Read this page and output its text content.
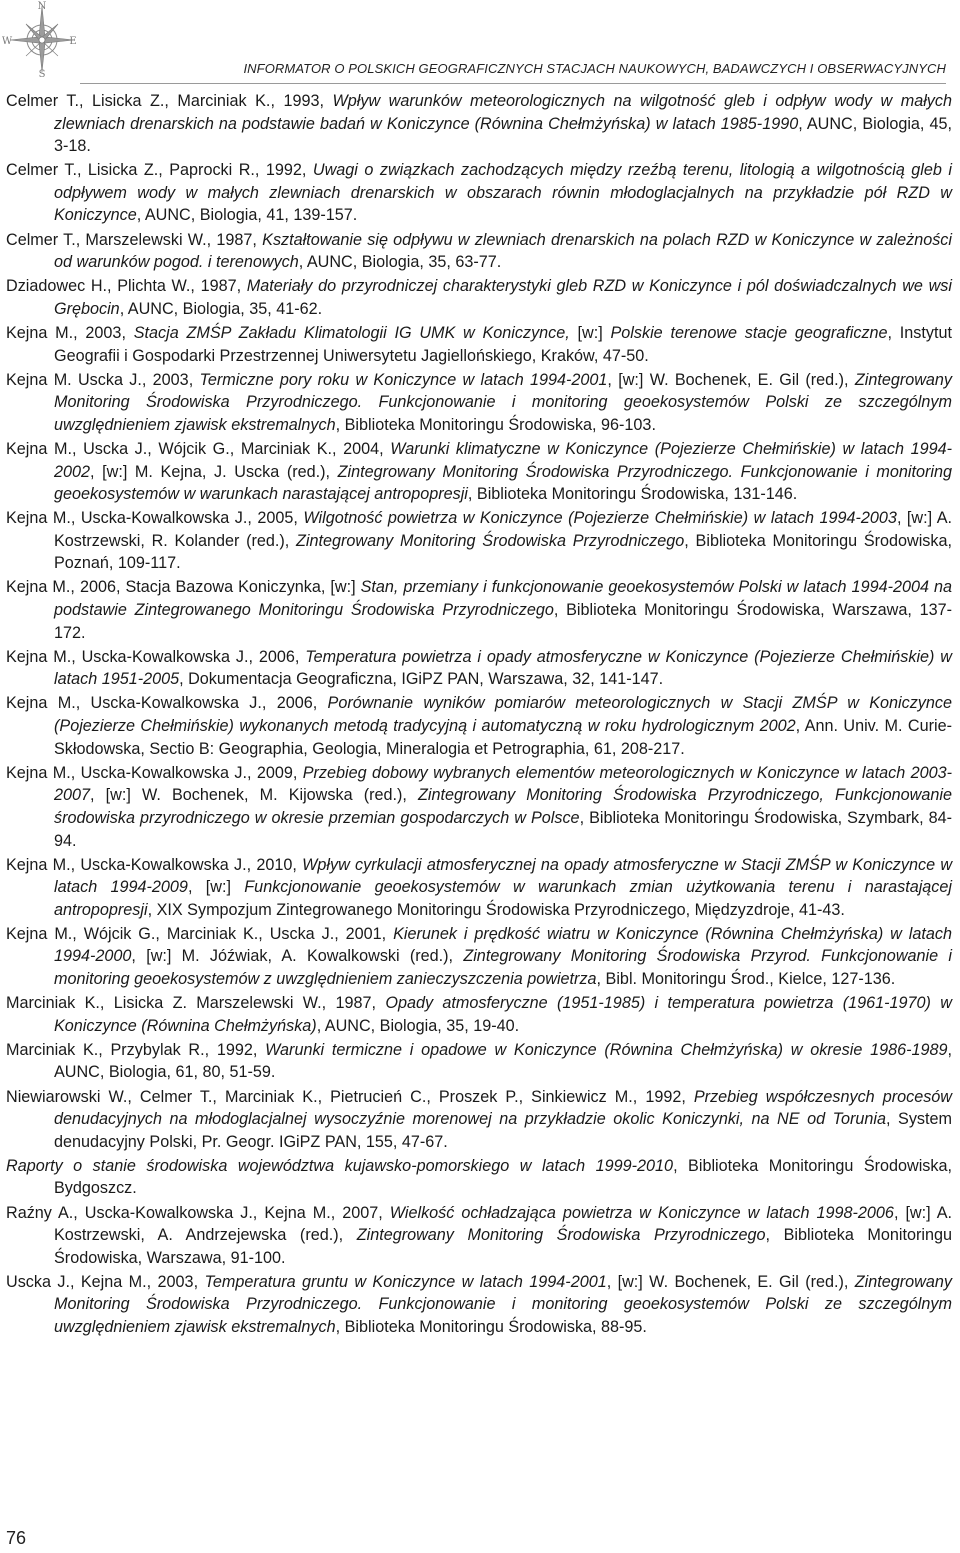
N
W	E
S	INFORMATOR O POLSKICH GEOGRAFICZNYCH STACJACH NAUKOWYCH, BADAWCZYCH I OBSERWACYJNYCH

Celmer T., Lisicka Z., Marciniak K., 1993, Wpływ warunków meteorologicznych na wilgotność gleb i odpływ wody w małych zlewniach drenarskich na podstawie badań w Koniczynce (Równina Chełmżyńska) w latach 1985-1990, AUNC, Biologia, 45, 3-18.

Celmer T., Lisicka Z., Paprocki R., 1992, Uwagi o związkach zachodzących między rzeźbą terenu, litologią a wilgotnością gleb i odpływem wody w małych zlewniach drenarskich w obszarach równin młodoglacjalnych na przykładzie pół RZD w Koniczynce, AUNC, Biologia, 41, 139-157.

Celmer T., Marszelewski W., 1987, Kształtowanie się odpływu w zlewniach drenarskich na polach RZD w Koniczynce w zależności od warunków pogod. i terenowych, AUNC, Biologia, 35, 63-77.

Dziadowec H., Plichta W., 1987, Materiały do przyrodniczej charakterystyki gleb RZD w Koniczynce i pól doświadczalnych we wsi Grębocin, AUNC, Biologia, 35, 41-62.

Kejna M., 2003, Stacja ZMŚP Zakładu Klimatologii IG UMK w Koniczynce, [w:] Polskie terenowe stacje geograficzne, Instytut Geografii i Gospodarki Przestrzennej Uniwersytetu Jagiellońskiego, Kraków, 47-50.

Kejna M. Uscka J., 2003, Termiczne pory roku w Koniczynce w latach 1994-2001, [w:] W. Bochenek, E. Gil (red.), Zintegrowany Monitoring Środowiska Przyrodniczego. Funkcjonowanie i monitoring geoekosystemów Polski ze szczególnym uwzględnieniem zjawisk ekstremalnych, Biblioteka Monitoringu Środowiska, 96-103.

Kejna M., Uscka J., Wójcik G., Marciniak K., 2004, Warunki klimatyczne w Koniczynce (Pojezierze Chełmińskie) w latach 1994-2002, [w:] M. Kejna, J. Uscka (red.), Zintegrowany Monitoring Środowiska Przyrodniczego. Funkcjonowanie i monitoring geoekosystemów w warunkach narastającej antropopresji, Biblioteka Monitoringu Środowiska, 131-146.

Kejna M., Uscka-Kowalkowska J., 2005, Wilgotność powietrza w Koniczynce (Pojezierze Chełmińskie) w latach 1994-2003, [w:] A. Kostrzewski, R. Kolander (red.), Zintegrowany Monitoring Środowiska Przyrodniczego, Biblioteka Monitoringu Środowiska, Poznań, 109-117.

Kejna M., 2006, Stacja Bazowa Koniczynka, [w:] Stan, przemiany i funkcjonowanie geoekosystemów Polski w latach 1994-2004 na podstawie Zintegrowanego Monitoringu Środowiska Przyrodniczego, Biblioteka Monitoringu Środowiska, Warszawa, 137-172.

Kejna M., Uscka-Kowalkowska J., 2006, Temperatura powietrza i opady atmosferyczne w Koniczynce (Pojezierze Chełmińskie) w latach 1951-2005, Dokumentacja Geograficzna, IGiPZ PAN, Warszawa, 32, 141-147.

Kejna M., Uscka-Kowalkowska J., 2006, Porównanie wyników pomiarów meteorologicznych w Stacji ZMŚP w Koniczynce (Pojezierze Chełmińskie) wykonanych metodą tradycyjną i automatyczną w roku hydrologicznym 2002, Ann. Univ. M. Curie-Skłodowska, Sectio B: Geographia, Geologia, Mineralogia et Petrographia, 61, 208-217.

Kejna M., Uscka-Kowalkowska J., 2009, Przebieg dobowy wybranych elementów meteorologicznych w Koniczynce w latach 2003-2007, [w:] W. Bochenek, M. Kijowska (red.), Zintegrowany Monitoring Środowiska Przyrodniczego, Funkcjonowanie środowiska przyrodniczego w okresie przemian gospodarczych w Polsce, Biblioteka Monitoringu Środowiska, Szymbark, 84-94.

Kejna M., Uscka-Kowalkowska J., 2010, Wpływ cyrkulacji atmosferycznej na opady atmosferyczne w Stacji ZMŚP w Koniczynce w latach 1994-2009, [w:] Funkcjonowanie geoekosystemów w warunkach zmian użytkowania terenu i narastającej antropopresji, XIX Sympozjum Zintegrowanego Monitoringu Środowiska Przyrodniczego, Międzyzdroje, 41-43.

Kejna M., Wójcik G., Marciniak K., Uscka J., 2001, Kierunek i prędkość wiatru w Koniczynce (Równina Chełmżyńska) w latach 1994-2000, [w:] M. Jóźwiak, A. Kowalkowski (red.), Zintegrowany Monitoring Środowiska Przyrod. Funkcjonowanie i monitoring geoekosystemów z uwzględnieniem zanieczyszczenia powietrza, Bibl. Monitoringu Środ., Kielce, 127-136.

Marciniak K., Lisicka Z. Marszelewski W., 1987, Opady atmosferyczne (1951-1985) i temperatura powietrza (1961-1970) w Koniczynce (Równina Chełmżyńska), AUNC, Biologia, 35, 19-40.

Marciniak K., Przybylak R., 1992, Warunki termiczne i opadowe w Koniczynce (Równina Chełmżyńska) w okresie 1986-1989, AUNC, Biologia, 61, 80, 51-59.

Niewiarowski W., Celmer T., Marciniak K., Pietrucień C., Proszek P., Sinkiewicz M., 1992, Przebieg współczesnych procesów denudacyjnych na młodoglacjalnej wysoczyźnie morenowej na przykładzie okolic Koniczynki, na NE od Torunia, System denudacyjny Polski, Pr. Geogr. IGiPZ PAN, 155, 47-67.

Raporty o stanie środowiska województwa kujawsko-pomorskiego w latach 1999-2010, Biblioteka Monitoringu Środowiska, Bydgoszcz.

Raźny A., Uscka-Kowalkowska J., Kejna M., 2007, Wielkość ochładzająca powietrza w Koniczynce w latach 1998-2006, [w:] A. Kostrzewski, A. Andrzejewska (red.), Zintegrowany Monitoring Środowiska Przyrodniczego, Biblioteka Monitoringu Środowiska, Warszawa, 91-100.

Uscka J., Kejna M., 2003, Temperatura gruntu w Koniczynce w latach 1994-2001, [w:] W. Bochenek, E. Gil (red.), Zintegrowany Monitoring Środowiska Przyrodniczego. Funkcjonowanie i monitoring geoekosystemów Polski ze szczególnym uwzględnieniem zjawisk ekstremalnych, Biblioteka Monitoringu Środowiska, 88-95.

76
